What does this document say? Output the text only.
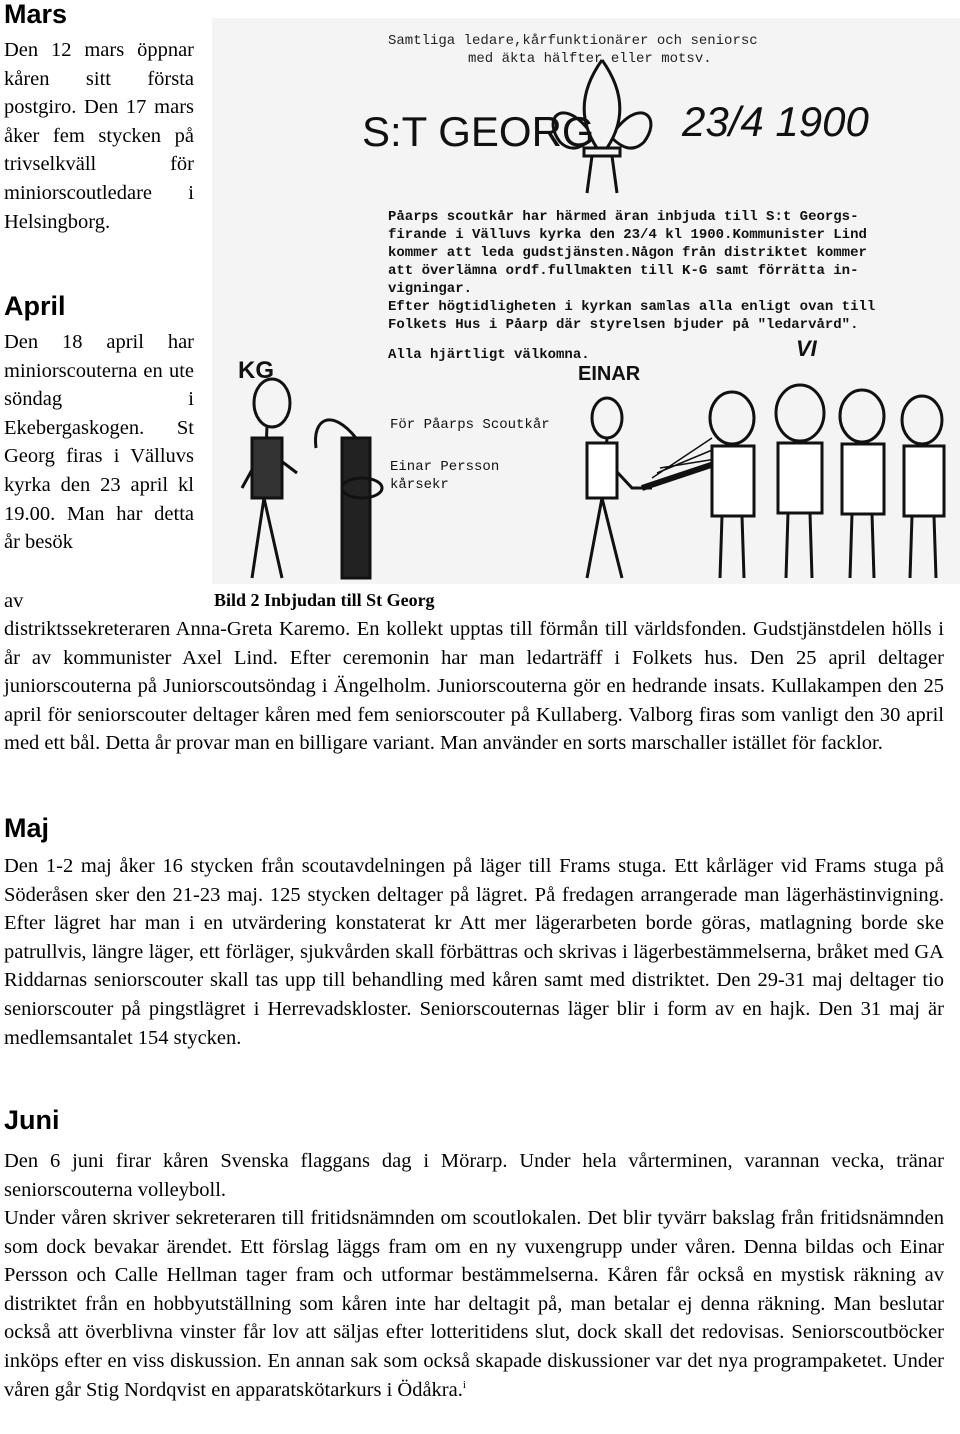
Mars

Den 12 mars öppnar kåren sitt första postgiro. Den 17 mars åker fem stycken på trivselkväll för miniorscoutledare i Helsingborg.

April

Den 18 april har miniorscouterna en ute söndag i Ekebergaskogen. St Georg firas i Välluvs kyrka den 23 april kl 19.00. Man har detta år besök

av

distriktssekreteraren Anna-Greta Karemo. En kollekt upptas till förmån till världsfonden. Gudstjänstdelen hölls i år av kommunister Axel Lind. Efter ceremonin har man ledarträff i Folkets hus. Den 25 april deltager juniorscouterna på Juniorscoutsöndag i Ängelholm. Juniorscouterna gör en hedrande insats. Kullakampen den 25 april för seniorscouter deltager kåren med fem seniorscouter på Kullaberg. Valborg firas som vanligt den 30 april med ett bål. Detta år provar man en billigare variant. Man använder en sorts marschaller istället för facklor.

Samtliga ledare,kårfunktionärer och seniorsc
med äkta hälfter eller motsv.
S:T GEORG 23/4 1900
Påarps scoutkår har härmed äran inbjuda till S:t Georgs-
firande i Välluvs kyrka den 23/4 kl 1900.Kommunister Lind
kommer att leda gudstjänsten.Någon från distriktet kommer
att överlämna ordf.fullmakten till K-G samt förrätta in-
vigningar.
Efter högtidligheten i kyrkan samlas alla enligt ovan till
Folkets Hus i Påarp där styrelsen bjuder på "ledarvård".
Alla hjärtligt välkomna.
För Påarps Scoutkår
Einar Persson
kårsekr
KG	EINAR
VI
Bild 2 Inbjudan till St Georg
Maj

Den 1-2 maj åker 16 stycken från scoutavdelningen på läger till Frams stuga. Ett kårläger vid Frams stuga på Söderåsen sker den 21-23 maj. 125 stycken deltager på lägret. På fredagen arrangerade man lägerhästinvigning. Efter lägret har man i en utvärdering konstaterat kr Att mer lägerarbeten borde göras, matlagning borde ske patrullvis, längre läger, ett förläger, sjukvården skall förbättras och skrivas i lägerbestämmelserna, bråket med GA Riddarnas seniorscouter skall tas upp till behandling med kåren samt med distriktet. Den 29-31 maj deltager tio seniorscouter på pingstlägret i Herrevadskloster. Seniorscouternas läger blir i form av en hajk. Den 31 maj är medlemsantalet 154 stycken.

Juni

Den 6 juni firar kåren Svenska flaggans dag i Mörarp. Under hela vårterminen, varannan vecka, tränar seniorscouterna volleyboll.

Under våren skriver sekreteraren till fritidsnämnden om scoutlokalen. Det blir tyvärr bakslag från fritidsnämnden som dock bevakar ärendet. Ett förslag läggs fram om en ny vuxengrupp under våren. Denna bildas och Einar Persson och Calle Hellman tager fram och utformar bestämmelserna. Kåren får också en mystisk räkning av distriktet från en hobbyutställning som kåren inte har deltagit på, man betalar ej denna räkning. Man beslutar också att överblivna vinster får lov att säljas efter lotteritidens slut, dock skall det redovisas. Seniorscoutböcker inköps efter en viss diskussion. En annan sak som också skapade diskussioner var det nya programpaketet. Under våren går Stig Nordqvist en apparatskötarkurs i Ödåkra.$^i$
